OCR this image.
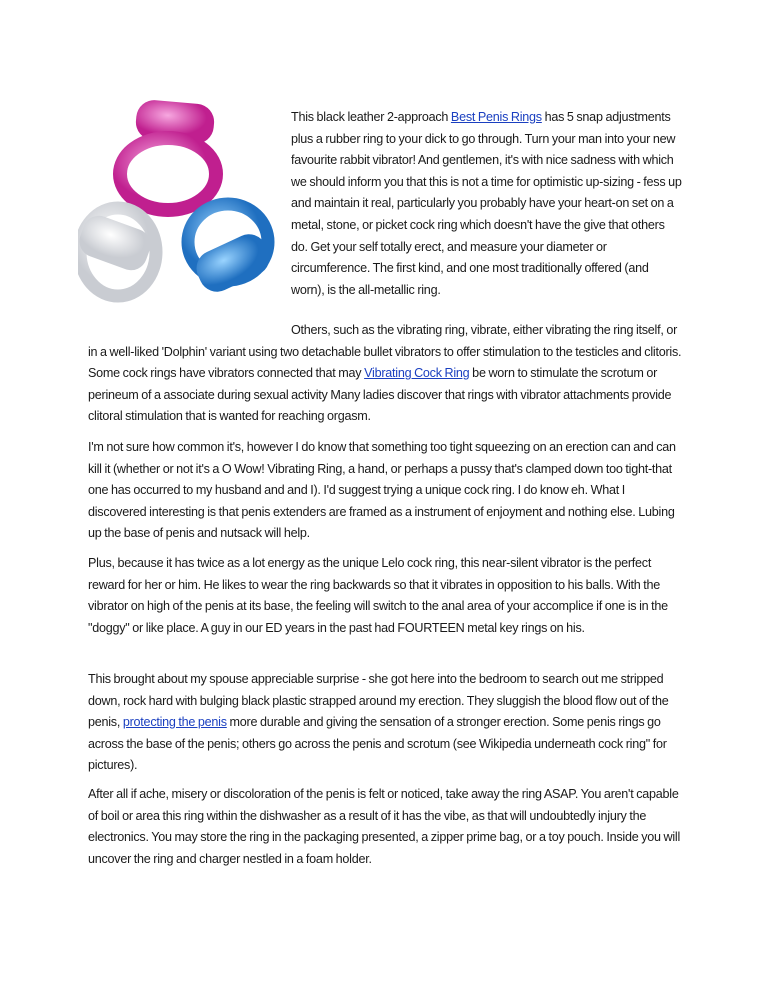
This black leather 2-approach Best Penis Rings has 5 snap adjustments plus a rubber ring to your dick to go through. Turn your man into your new favourite rabbit vibrator! And gentlemen, it's with nice sadness with which we should inform you that this is not a time for optimistic up-sizing - fess up and maintain it real, particularly you probably have your heart-on set on a metal, stone, or picket cock ring which doesn't have the give that others do. Get your self totally erect, and measure your diameter or circumference. The first kind, and one most traditionally offered (and worn), is the all-metallic ring.
Others, such as the vibrating ring, vibrate, either vibrating the ring itself, or in a well-liked 'Dolphin' variant using two detachable bullet vibrators to offer stimulation to the testicles and clitoris. Some cock rings have vibrators connected that may Vibrating Cock Ring be worn to stimulate the scrotum or perineum of a associate during sexual activity Many ladies discover that rings with vibrator attachments provide clitoral stimulation that is wanted for reaching orgasm.
I'm not sure how common it's, however I do know that something too tight squeezing on an erection can and can kill it (whether or not it's a O Wow! Vibrating Ring, a hand, or perhaps a pussy that's clamped down too tight-that one has occurred to my husband and and I). I'd suggest trying a unique cock ring. I do know eh. What I discovered interesting is that penis extenders are framed as a instrument of enjoyment and nothing else. Lubing up the base of penis and nutsack will help.
Plus, because it has twice as a lot energy as the unique Lelo cock ring, this near-silent vibrator is the perfect reward for her or him. He likes to wear the ring backwards so that it vibrates in opposition to his balls. With the vibrator on high of the penis at its base, the feeling will switch to the anal area of your accomplice if one is in the "doggy" or like place. A guy in our ED years in the past had FOURTEEN metal key rings on his.
This brought about my spouse appreciable surprise - she got here into the bedroom to search out me stripped down, rock hard with bulging black plastic strapped around my erection. They sluggish the blood flow out of the penis, protecting the penis more durable and giving the sensation of a stronger erection. Some penis rings go across the base of the penis; others go across the penis and scrotum (see Wikipedia underneath cock ring" for pictures).
After all if ache, misery or discoloration of the penis is felt or noticed, take away the ring ASAP. You aren't capable of boil or area this ring within the dishwasher as a result of it has the vibe, as that will undoubtedly injury the electronics. You may store the ring in the packaging presented, a zipper prime bag, or a toy pouch. Inside you will uncover the ring and charger nestled in a foam holder.
